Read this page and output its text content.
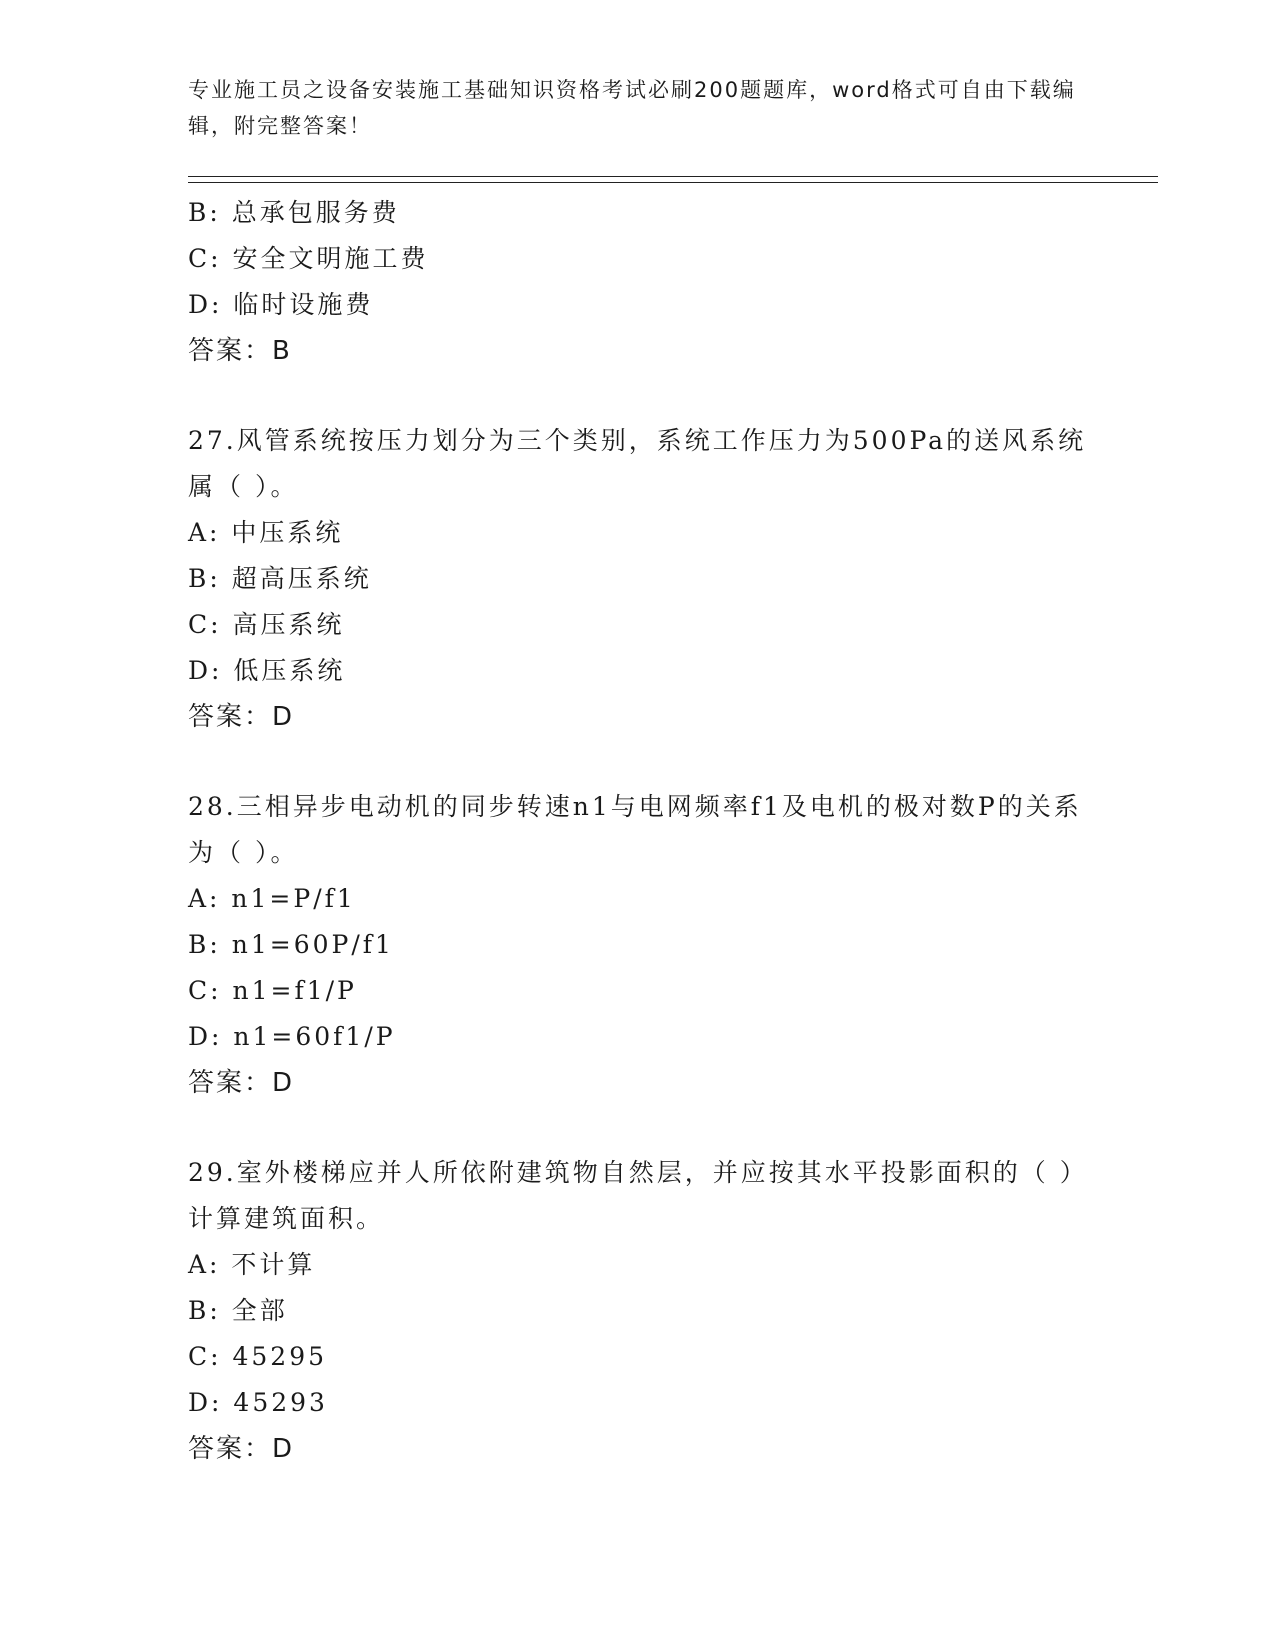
专业施工员之设备安装施工基础知识资格考试必刷200题题库，word格式可自由下载编辑，附完整答案！
B: 总承包服务费
C: 安全文明施工费
D: 临时设施费
答案：B
27.风管系统按压力划分为三个类别，系统工作压力为500Pa的送风系统属（ ）。
A: 中压系统
B: 超高压系统
C: 高压系统
D: 低压系统
答案：D
28.三相异步电动机的同步转速n1与电网频率f1及电机的极对数P的关系为（ ）。
A: n1=P/f1
B: n1=60P/f1
C: n1=f1/P
D: n1=60f1/P
答案：D
29.室外楼梯应并人所依附建筑物自然层，并应按其水平投影面积的（ ）计算建筑面积。
A: 不计算
B: 全部
C: 45295
D: 45293
答案：D
